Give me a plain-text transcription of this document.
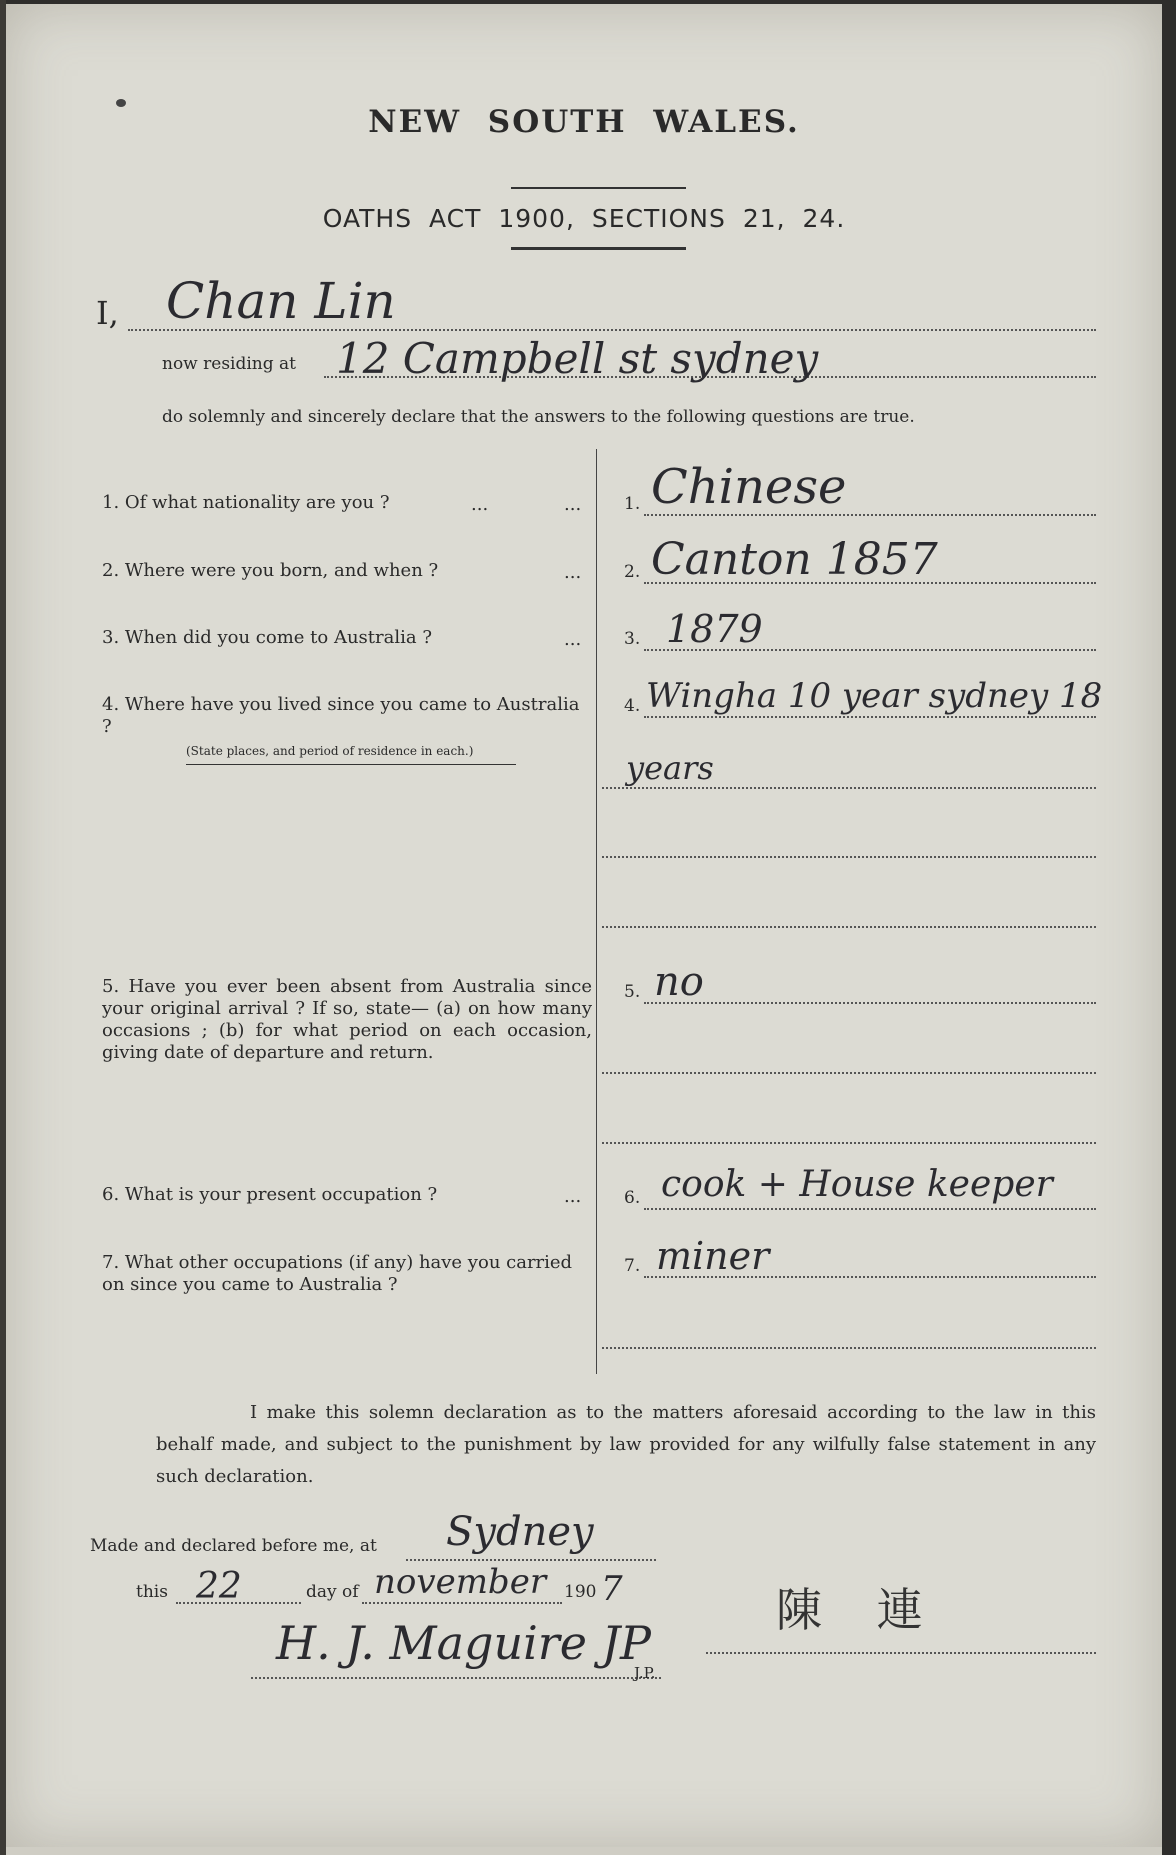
NEW SOUTH WALES.
OATHS ACT 1900, SECTIONS 21, 24.
I, Chan Lin
now residing at 12 Campbell st sydney
do solemnly and sincerely declare that the answers to the following questions are true.
1. Of what nationality are you ?	...	...	1. Chinese
2. Where were you born, and when ?	...	2. Canton 1857
3. When did you come to Australia ?	...	3. 1879
4. Where have you lived since you came to Australia ?
(State places, and period of residence in each.)
4. Wingha 10 year sydney 18
years
5. Have you ever been absent from Australia since your original arrival ? If so, state— (a) on how many occasions ; (b) for what period on each occasion, giving date of departure and return.
5. no
6. What is your present occupation ?	...	6. cook + House keeper
7. What other occupations (if any) have you carried on since you came to Australia ?
7. miner
I make this solemn declaration as to the matters aforesaid according to the law in this behalf made, and subject to the punishment by law provided for any wilfully false statement in any such declaration.
Made and declared before me, at Sydney
this 22	day of november 190 7
H. J. Maguire JP
J.P.
陳 連
